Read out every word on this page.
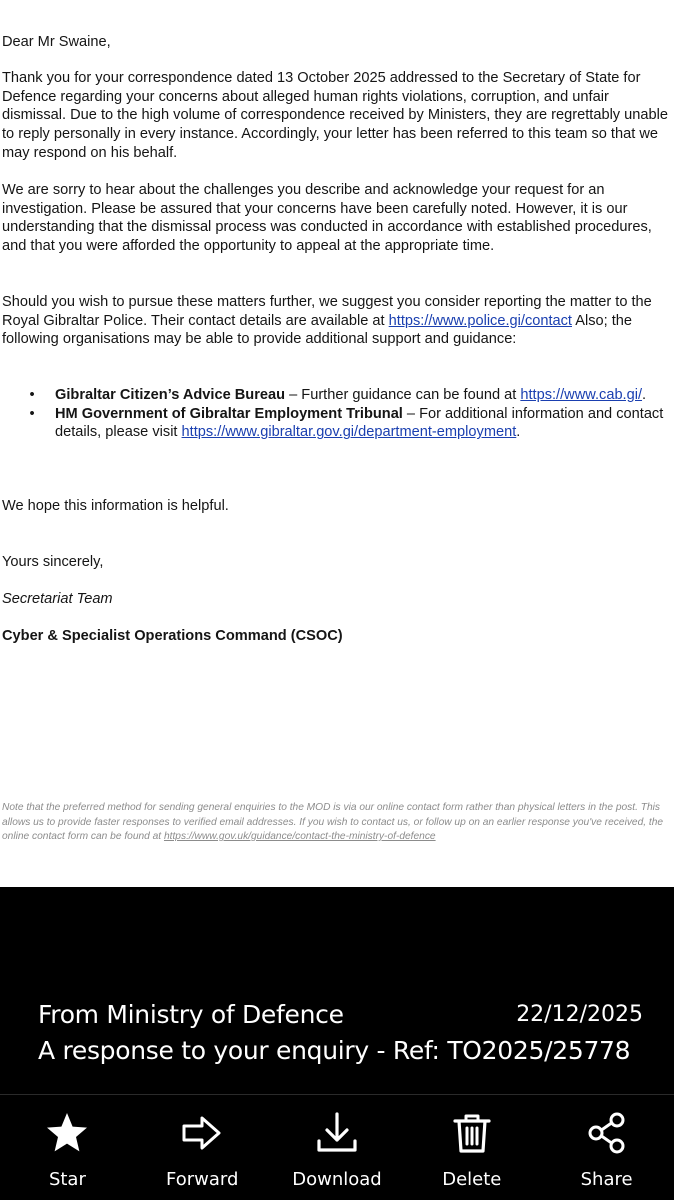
Dear Mr Swaine,
Thank you for your correspondence dated 13 October 2025 addressed to the Secretary of State for Defence regarding your concerns about alleged human rights violations, corruption, and unfair dismissal. Due to the high volume of correspondence received by Ministers, they are regrettably unable to reply personally in every instance. Accordingly, your letter has been referred to this team so that we may respond on his behalf.
We are sorry to hear about the challenges you describe and acknowledge your request for an investigation. Please be assured that your concerns have been carefully noted. However, it is our understanding that the dismissal process was conducted in accordance with established procedures, and that you were afforded the opportunity to appeal at the appropriate time.
Should you wish to pursue these matters further, we suggest you consider reporting the matter to the Royal Gibraltar Police. Their contact details are available at https://www.police.gi/contact Also; the following organisations may be able to provide additional support and guidance:
•	Gibraltar Citizen’s Advice Bureau – Further guidance can be found at https://www.cab.gi/.
•	HM Government of Gibraltar Employment Tribunal – For additional information and contact details, please visit https://www.gibraltar.gov.gi/department-employment.
We hope this information is helpful.
Yours sincerely,
Secretariat Team
Cyber & Specialist Operations Command (CSOC)
Note that the preferred method for sending general enquiries to the MOD is via our online contact form rather than physical letters in the post. This allows us to provide faster responses to verified email addresses. If you wish to contact us, or follow up on an earlier response you've received, the online contact form can be found at https://www.gov.uk/guidance/contact-the-ministry-of-defence
From Ministry of Defence	22/12/2025
A response to your enquiry - Ref: TO2025/25778
Star	Forward	Download	Delete	Share
